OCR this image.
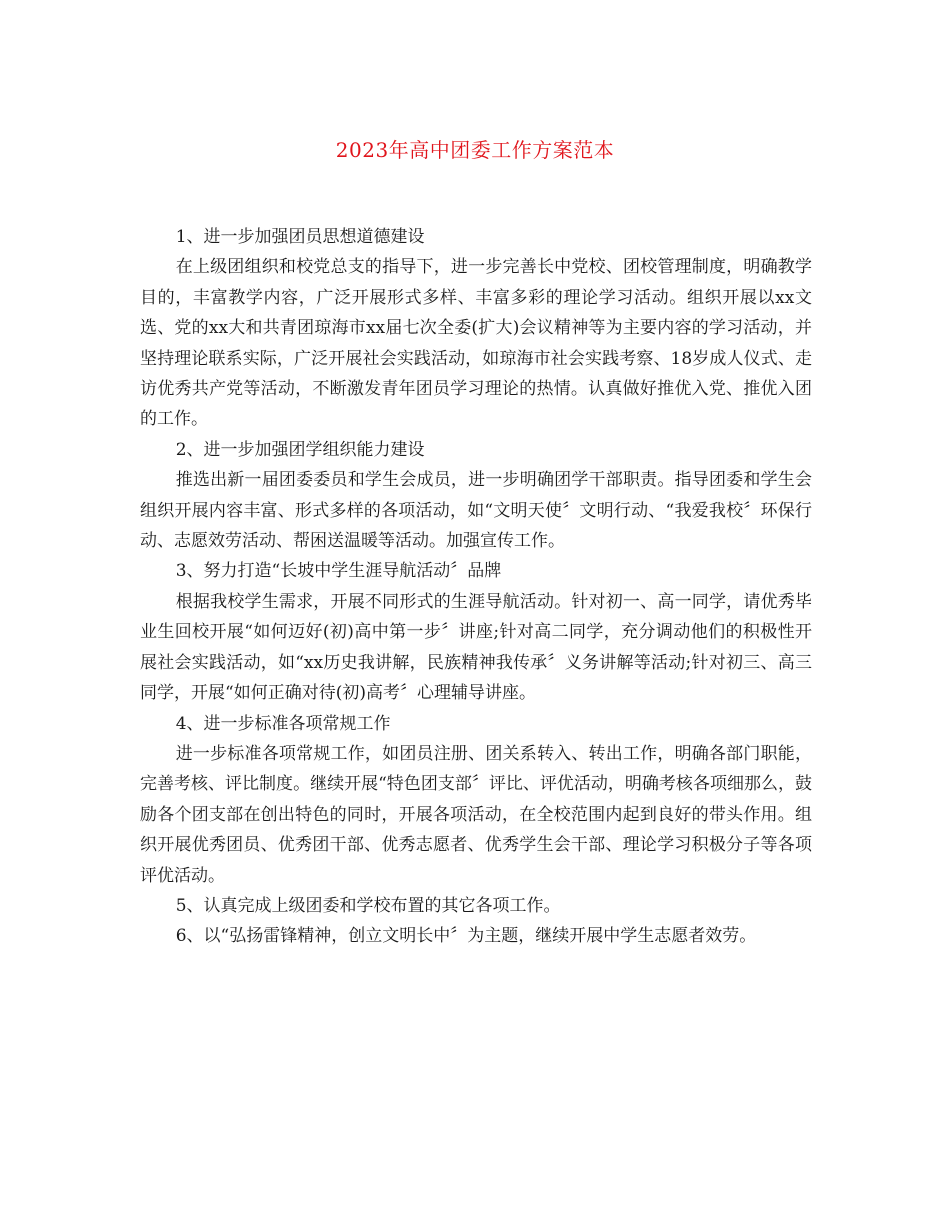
2023年高中团委工作方案范本

1、进一步加强团员思想道德建设

在上级团组织和校党总支的指导下，进一步完善长中党校、团校管理制度，明确教学目的，丰富教学内容，广泛开展形式多样、丰富多彩的理论学习活动。组织开展以xx文选、党的xx大和共青团琼海市xx届七次全委(扩大)会议精神等为主要内容的学习活动，并坚持理论联系实际，广泛开展社会实践活动，如琼海市社会实践考察、18岁成人仪式、走访优秀共产党等活动，不断激发青年团员学习理论的热情。认真做好推优入党、推优入团的工作。

2、进一步加强团学组织能力建设

推选出新一届团委委员和学生会成员，进一步明确团学干部职责。指导团委和学生会组织开展内容丰富、形式多样的各项活动，如“文明天使〞文明行动、“我爱我校〞环保行动、志愿效劳活动、帮困送温暖等活动。加强宣传工作。

3、努力打造“长坡中学生涯导航活动〞品牌

根据我校学生需求，开展不同形式的生涯导航活动。针对初一、高一同学，请优秀毕业生回校开展“如何迈好(初)高中第一步〞讲座;针对高二同学，充分调动他们的积极性开展社会实践活动，如“xx历史我讲解，民族精神我传承〞义务讲解等活动;针对初三、高三同学，开展“如何正确对待(初)高考〞心理辅导讲座。

4、进一步标准各项常规工作

进一步标准各项常规工作，如团员注册、团关系转入、转出工作，明确各部门职能，完善考核、评比制度。继续开展“特色团支部〞评比、评优活动，明确考核各项细那么，鼓励各个团支部在创出特色的同时，开展各项活动，在全校范围内起到良好的带头作用。组织开展优秀团员、优秀团干部、优秀志愿者、优秀学生会干部、理论学习积极分子等各项评优活动。

5、认真完成上级团委和学校布置的其它各项工作。

6、以“弘扬雷锋精神，创立文明长中〞为主题，继续开展中学生志愿者效劳。
